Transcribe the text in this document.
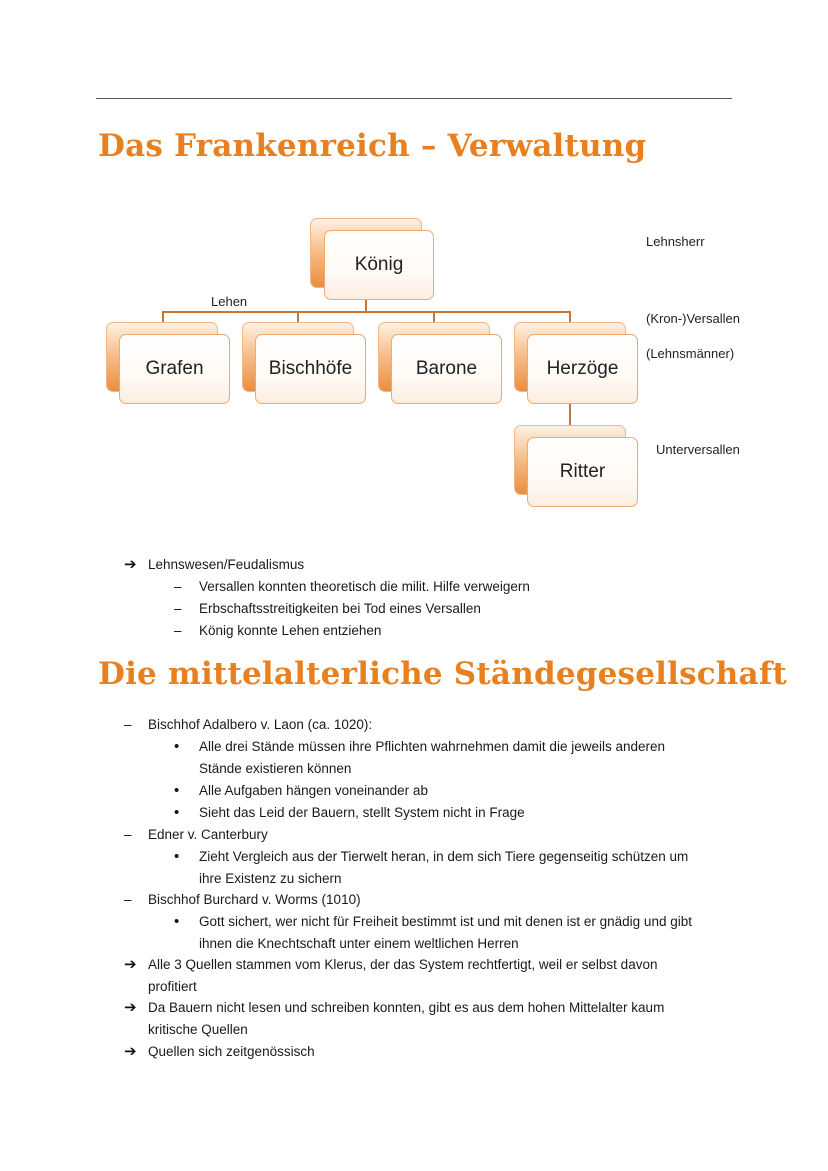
Das Frankenreich – Verwaltung
König
Grafen	Bischhöfe	Barone	Herzöge
Ritter
Lehen
Lehnsherr
(Kron-)Versallen
(Lehnsmänner)
Unterversallen
➔ Lehnswesen/Feudalismus
– Versallen konnten theoretisch die milit. Hilfe verweigern
– Erbschaftsstreitigkeiten bei Tod eines Versallen
– König konnte Lehen entziehen
Die mittelalterliche Ständegesellschaft
– Bischhof Adalbero v. Laon (ca. 1020):
• Alle drei Stände müssen ihre Pflichten wahrnehmen damit die jeweils anderen
Stände existieren können
• Alle Aufgaben hängen voneinander ab
• Sieht das Leid der Bauern, stellt System nicht in Frage
– Edner v. Canterbury
• Zieht Vergleich aus der Tierwelt heran, in dem sich Tiere gegenseitig schützen um
ihre Existenz zu sichern
– Bischhof Burchard v. Worms (1010)
• Gott sichert, wer nicht für Freiheit bestimmt ist und mit denen ist er gnädig und gibt
ihnen die Knechtschaft unter einem weltlichen Herren
➔ Alle 3 Quellen stammen vom Klerus, der das System rechtfertigt, weil er selbst davon
profitiert
➔ Da Bauern nicht lesen und schreiben konnten, gibt es aus dem hohen Mittelalter kaum
kritische Quellen
➔ Quellen sich zeitgenössisch
